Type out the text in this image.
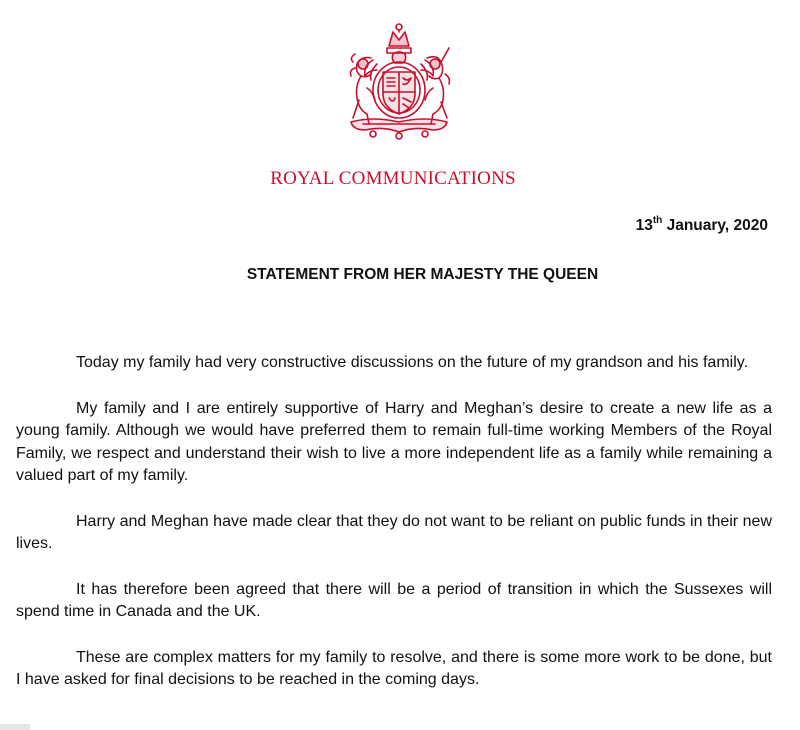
ROYAL COMMUNICATIONS
13th January, 2020
STATEMENT FROM HER MAJESTY THE QUEEN

Today my family had very constructive discussions on the future of my grandson and his family.

My family and I are entirely supportive of Harry and Meghan’s desire to create a new life as a young family. Although we would have preferred them to remain full-time working Members of the Royal Family, we respect and understand their wish to live a more independent life as a family while remaining a valued part of my family.

Harry and Meghan have made clear that they do not want to be reliant on public funds in their new lives.

It has therefore been agreed that there will be a period of transition in which the Sussexes will spend time in Canada and the UK.

These are complex matters for my family to resolve, and there is some more work to be done, but I have asked for final decisions to be reached in the coming days.
